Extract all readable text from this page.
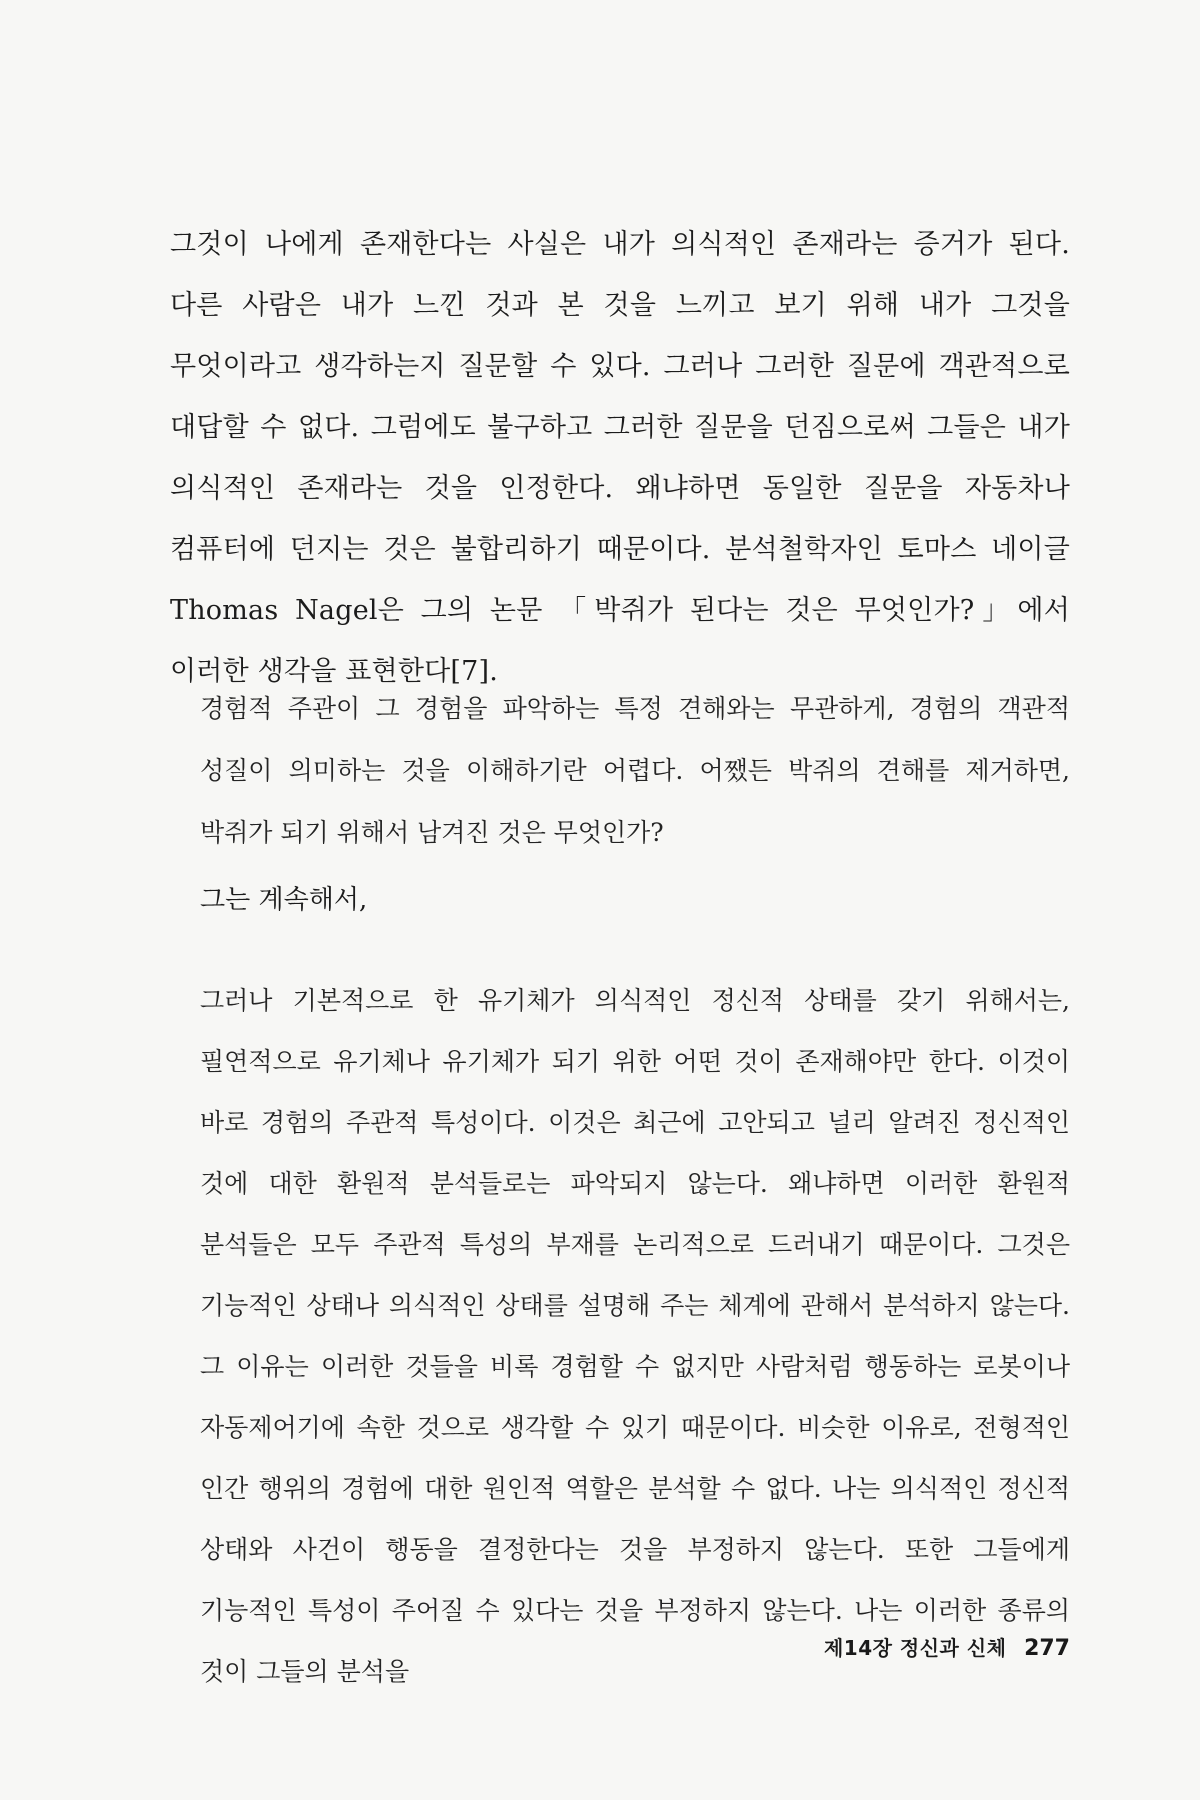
그것이 나에게 존재한다는 사실은 내가 의식적인 존재라는 증거가 된다. 다른 사람은 내가 느낀 것과 본 것을 느끼고 보기 위해 내가 그것을 무엇이라고 생각하는지 질문할 수 있다. 그러나 그러한 질문에 객관적으로 대답할 수 없다. 그럼에도 불구하고 그러한 질문을 던짐으로써 그들은 내가 의식적인 존재라는 것을 인정한다. 왜냐하면 동일한 질문을 자동차나 컴퓨터에 던지는 것은 불합리하기 때문이다. 분석철학자인 토마스 네이글 Thomas Nagel은 그의 논문 「박쥐가 된다는 것은 무엇인가?」에서 이러한 생각을 표현한다[7].

경험적 주관이 그 경험을 파악하는 특정 견해와는 무관하게, 경험의 객관적 성질이 의미하는 것을 이해하기란 어렵다. 어쨌든 박쥐의 견해를 제거하면, 박쥐가 되기 위해서 남겨진 것은 무엇인가?

그는 계속해서,

그러나 기본적으로 한 유기체가 의식적인 정신적 상태를 갖기 위해서는, 필연적으로 유기체나 유기체가 되기 위한 어떤 것이 존재해야만 한다. 이것이 바로 경험의 주관적 특성이다. 이것은 최근에 고안되고 널리 알려진 정신적인 것에 대한 환원적 분석들로는 파악되지 않는다. 왜냐하면 이러한 환원적 분석들은 모두 주관적 특성의 부재를 논리적으로 드러내기 때문이다. 그것은 기능적인 상태나 의식적인 상태를 설명해 주는 체계에 관해서 분석하지 않는다. 그 이유는 이러한 것들을 비록 경험할 수 없지만 사람처럼 행동하는 로봇이나 자동제어기에 속한 것으로 생각할 수 있기 때문이다. 비슷한 이유로, 전형적인 인간 행위의 경험에 대한 원인적 역할은 분석할 수 없다. 나는 의식적인 정신적 상태와 사건이 행동을 결정한다는 것을 부정하지 않는다. 또한 그들에게 기능적인 특성이 주어질 수 있다는 것을 부정하지 않는다. 나는 이러한 종류의 것이 그들의 분석을

제14장 정신과 신체 277
